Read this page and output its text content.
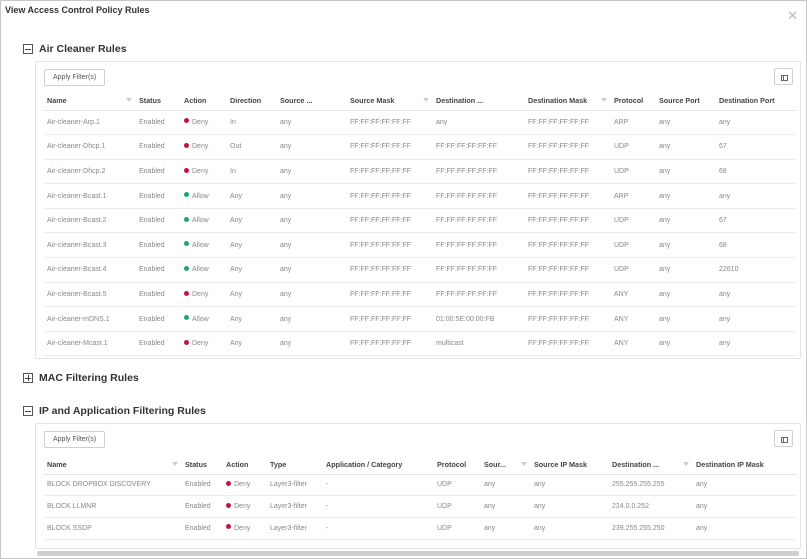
View Access Control Policy Rules	✕
Air Cleaner Rules
Apply Filter(s)
Name	Status	Action	Direction	Source ...	Source Mask	Destination ...	Destination Mask	Protocol	Source Port	Destination Port
Air-cleaner-Arp.1	Enabled	Deny	In	any	FF:FF:FF:FF:FF:FF	any	FF:FF:FF:FF:FF:FF	ARP	any	any
Air-cleaner-Dhcp.1	Enabled	Deny	Out	any	FF:FF:FF:FF:FF:FF	FF:FF:FF:FF:FF:FF	FF:FF:FF:FF:FF:FF	UDP	any	67
Air-cleaner-Dhcp.2	Enabled	Deny	In	any	FF:FF:FF:FF:FF:FF	FF:FF:FF:FF:FF:FF	FF:FF:FF:FF:FF:FF	UDP	any	68
Air-cleaner-Bcast.1	Enabled	Allow	Any	any	FF:FF:FF:FF:FF:FF	FF:FF:FF:FF:FF:FF	FF:FF:FF:FF:FF:FF	ARP	any	any
Air-cleaner-Bcast.2	Enabled	Allow	Any	any	FF:FF:FF:FF:FF:FF	FF:FF:FF:FF:FF:FF	FF:FF:FF:FF:FF:FF	UDP	any	67
Air-cleaner-Bcast.3	Enabled	Allow	Any	any	FF:FF:FF:FF:FF:FF	FF:FF:FF:FF:FF:FF	FF:FF:FF:FF:FF:FF	UDP	any	68
Air-cleaner-Bcast.4	Enabled	Allow	Any	any	FF:FF:FF:FF:FF:FF	FF:FF:FF:FF:FF:FF	FF:FF:FF:FF:FF:FF	UDP	any	22610
Air-cleaner-Bcast.5	Enabled	Deny	Any	any	FF:FF:FF:FF:FF:FF	FF:FF:FF:FF:FF:FF	FF:FF:FF:FF:FF:FF	ANY	any	any
Air-cleaner-mDNS.1	Enabled	Allow	Any	any	FF:FF:FF:FF:FF:FF	01:00:5E:00:00:FB	FF:FF:FF:FF:FF:FF	ANY	any	any
Air-cleaner-Mcast.1	Enabled	Deny	Any	any	FF:FF:FF:FF:FF:FF	multicast	FF:FF:FF:FF:FF:FF	ANY	any	any
MAC Filtering Rules
IP and Application Filtering Rules
Apply Filter(s)
Name	Status	Action	Type	Application / Category	Protocol	Sour...	Source IP Mask	Destination ...	Destination IP Mask
BLOCK DROPBOX DISCOVERY	Enabled	Deny	Layer3-filter	-	UDP	any	any	255.255.255.255	any
BLOCK LLMNR	Enabled	Deny	Layer3-filter	-	UDP	any	any	224.0.0.252	any
BLOCK SSDP	Enabled	Deny	Layer3-filter	-	UDP	any	any	239.255.255.250	any
